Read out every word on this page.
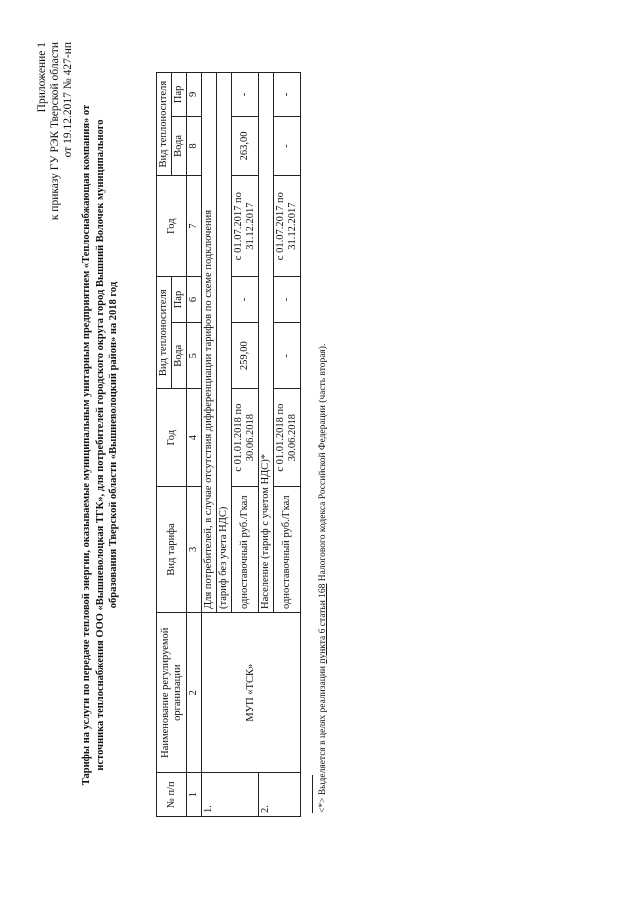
Приложение 1 к приказу ГУ РЭК Тверской области от 19.12.2017 № 427-нп
Тарифы на услуги по передаче тепловой энергии, оказываемые муниципальным унитарным предприятием «Теплоснабжающая компания» от источника теплоснабжения ООО «Вышневолоцкая ТГК», для потребителей городского округа город Вышний Волочек муниципального образования Тверской области «Вышневолоцкий район» на 2018 год
№ п/п	Наименование регулируемой организации	Вид тарифа	Год	Вид теплоносителя		Год	Вид теплоносителя	
				Вода	Пар		Вода	Пар
1	2	3	4	5	6	7	8	9
1.	МУП «ТСК»	Для потребителей, в случае отсутствия дифференциации тарифов по схеме подключения						
		(тариф без учета НДС)						
		одноставочный руб./Гкал	с 01.01.2018 по 30.06.2018	259,00	-	с 01.07.2017 по 31.12.2017	263,00	-
2.		Население (тариф с учетом НДС)*						
		одноставочный руб./Гкал	с 01.01.2018 по 30.06.2018	-	-	с 01.07.2017 по 31.12.2017	-	-
<*> Выделяется в целях реализации пункта 6 статьи 168 Налогового кодекса Российской Федерации (часть вторая).
